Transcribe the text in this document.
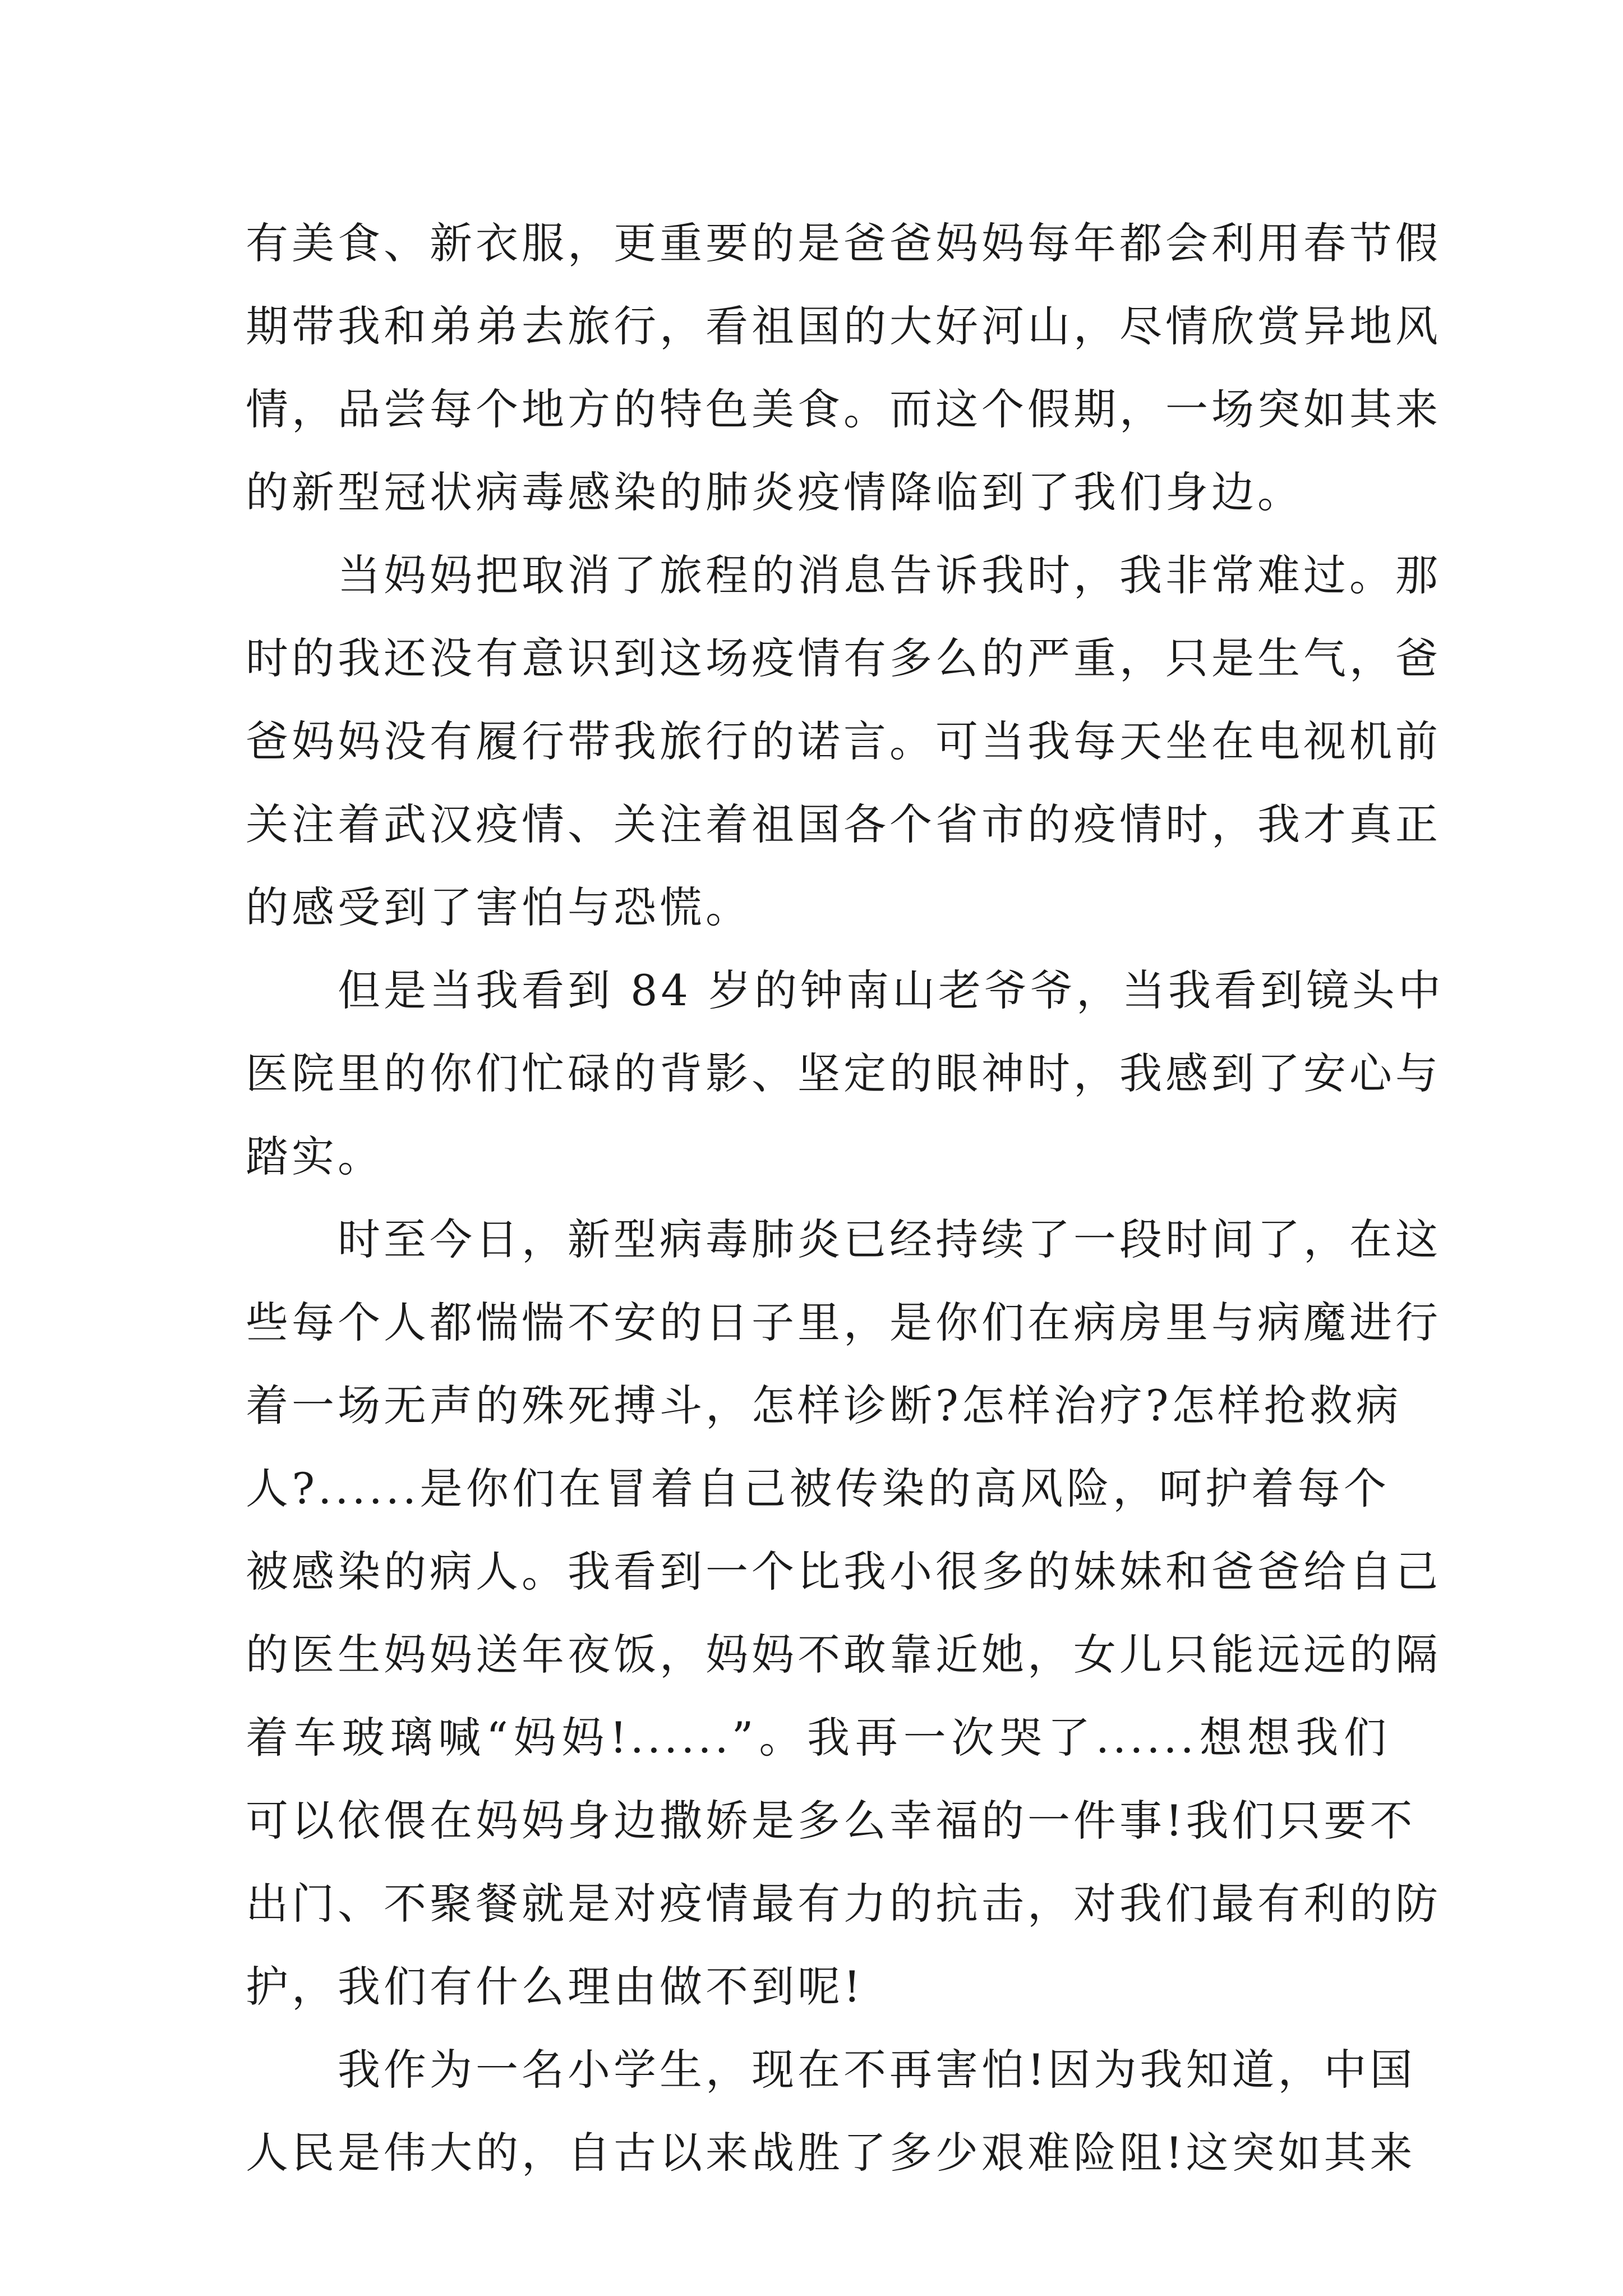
有美食、新衣服，更重要的是爸爸妈妈每年都会利用春节假
期带我和弟弟去旅行，看祖国的大好河山，尽情欣赏异地风
情，品尝每个地方的特色美食。而这个假期，一场突如其来
的新型冠状病毒感染的肺炎疫情降临到了我们身边。
当妈妈把取消了旅程的消息告诉我时，我非常难过。那
时的我还没有意识到这场疫情有多么的严重，只是生气，爸
爸妈妈没有履行带我旅行的诺言。可当我每天坐在电视机前
关注着武汉疫情、关注着祖国各个省市的疫情时，我才真正
的感受到了害怕与恐慌。
但是当我看到 84 岁的钟南山老爷爷，当我看到镜头中
医院里的你们忙碌的背影、坚定的眼神时，我感到了安心与
踏实。
时至今日，新型病毒肺炎已经持续了一段时间了，在这
些每个人都惴惴不安的日子里，是你们在病房里与病魔进行
着一场无声的殊死搏斗，怎样诊断?怎样治疗?怎样抢救病
人?......是你们在冒着自己被传染的高风险，呵护着每个
被感染的病人。我看到一个比我小很多的妹妹和爸爸给自己
的医生妈妈送年夜饭，妈妈不敢靠近她，女儿只能远远的隔
着车玻璃喊“妈妈!......”。我再一次哭了......想想我们
可以依偎在妈妈身边撒娇是多么幸福的一件事!我们只要不
出门、不聚餐就是对疫情最有力的抗击，对我们最有利的防
护，我们有什么理由做不到呢!
我作为一名小学生，现在不再害怕!因为我知道，中国
人民是伟大的，自古以来战胜了多少艰难险阻!这突如其来
